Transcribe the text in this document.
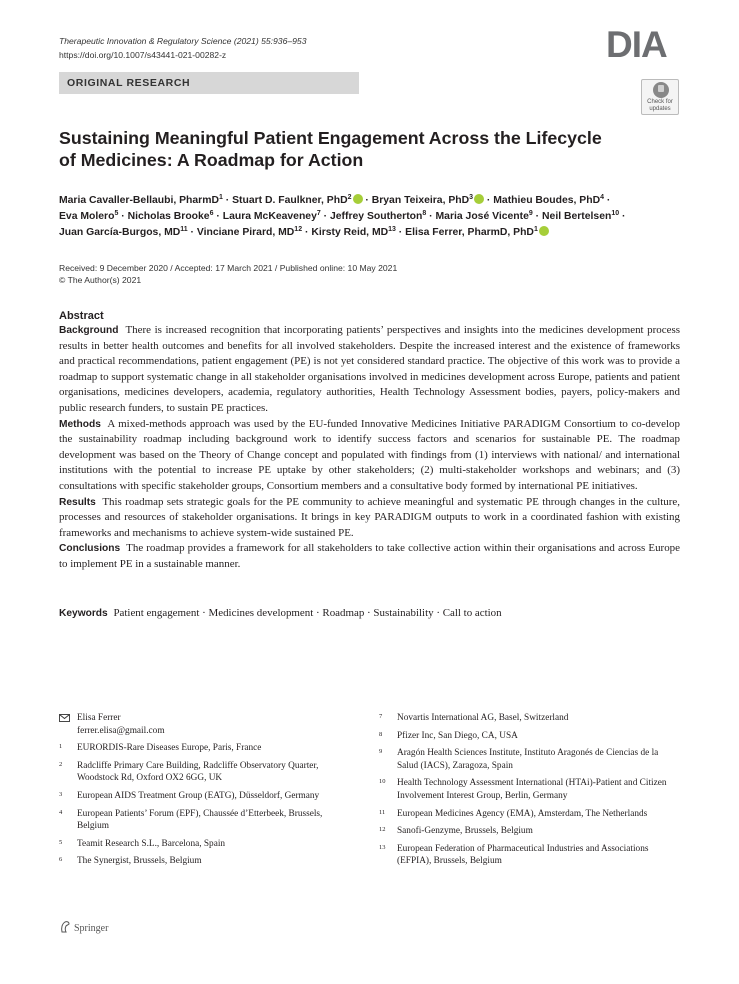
Therapeutic Innovation & Regulatory Science (2021) 55:936–953
https://doi.org/10.1007/s43441-021-00282-z	DIA
ORIGINAL RESEARCH
Check for updates
Sustaining Meaningful Patient Engagement Across the Lifecycle
of Medicines: A Roadmap for Action
Maria Cavaller-Bellaubi, PharmD$^1$ · Stuart D. Faulkner, PhD$^2$ · Bryan Teixeira, PhD$^3$ · Mathieu Boudes, PhD$^4$ ·
Eva Molero$^5$ · Nicholas Brooke$^6$ · Laura McKeaveney$^7$ · Jeffrey Southerton$^8$ · Maria José Vicente$^9$ · Neil Bertelsen$^{10}$ ·
Juan García-Burgos, $MD^{11}$ · Vinciane Pirard, $MD^{12}$ · Kirsty Reid, $MD^{13}$ · Elisa Ferrer, PharmD, PhD$^1$
Received: 9 December 2020 / Accepted: 17 March 2021 / Published online: 10 May 2021
© The Author(s) 2021
Abstract

Background There is increased recognition that incorporating patients’ perspectives and insights into the medicines development process results in better health outcomes and benefits for all involved stakeholders. Despite the increased interest and the existence of frameworks and practical recommendations, patient engagement (PE) is not yet considered standard practice. The objective of this work was to provide a roadmap to support systematic change in all stakeholder organisations involved in medicines development across Europe, patients and patient organisations, medicines developers, academia, regulatory authorities, Health Technology Assessment bodies, payers, policy-makers and public research funders, to sustain PE practices.

Methods A mixed-methods approach was used by the EU-funded Innovative Medicines Initiative PARADIGM Consortium to co-develop the sustainability roadmap including background work to identify success factors and scenarios for sustainable PE. The roadmap development was based on the Theory of Change concept and populated with findings from (1) interviews with national/ and international institutions with the potential to increase PE uptake by other stakeholders; (2) multi-stakeholder workshops and webinars; and (3) consultations with specific stakeholder groups, Consortium members and a consultative body formed by international PE initiatives.

Results This roadmap sets strategic goals for the PE community to achieve meaningful and systematic PE through changes in the culture, processes and resources of stakeholder organisations. It brings in key PARADIGM outputs to work in a coordinated fashion with existing frameworks and mechanisms to achieve system-wide sustained PE.

Conclusions The roadmap provides a framework for all stakeholders to take collective action within their organisations and across Europe to implement PE in a sustainable manner.

Keywords Patient engagement · Medicines development · Roadmap · Sustainability · Call to action
Elisa Ferrer
ferrer.elisa@gmail.com
1	EURORDIS-Rare Diseases Europe, Paris, France
2	Radcliffe Primary Care Building, Radcliffe Observatory Quarter, Woodstock Rd, Oxford OX2 6GG, UK
3	European AIDS Treatment Group (EATG), Düsseldorf, Germany
4	European Patients’ Forum (EPF), Chaussée d’Etterbeek, Brussels, Belgium
5	Teamit Research S.L., Barcelona, Spain
6	The Synergist, Brussels, Belgium
7	Novartis International AG, Basel, Switzerland
8	Pfizer Inc, San Diego, CA, USA
9	Aragón Health Sciences Institute, Instituto Aragonés de Ciencias de la Salud (IACS), Zaragoza, Spain
10	Health Technology Assessment International (HTAi)-Patient and Citizen Involvement Interest Group, Berlin, Germany
11	European Medicines Agency (EMA), Amsterdam, The Netherlands
12	Sanofi-Genzyme, Brussels, Belgium
13	European Federation of Pharmaceutical Industries and Associations (EFPIA), Brussels, Belgium
Springer
